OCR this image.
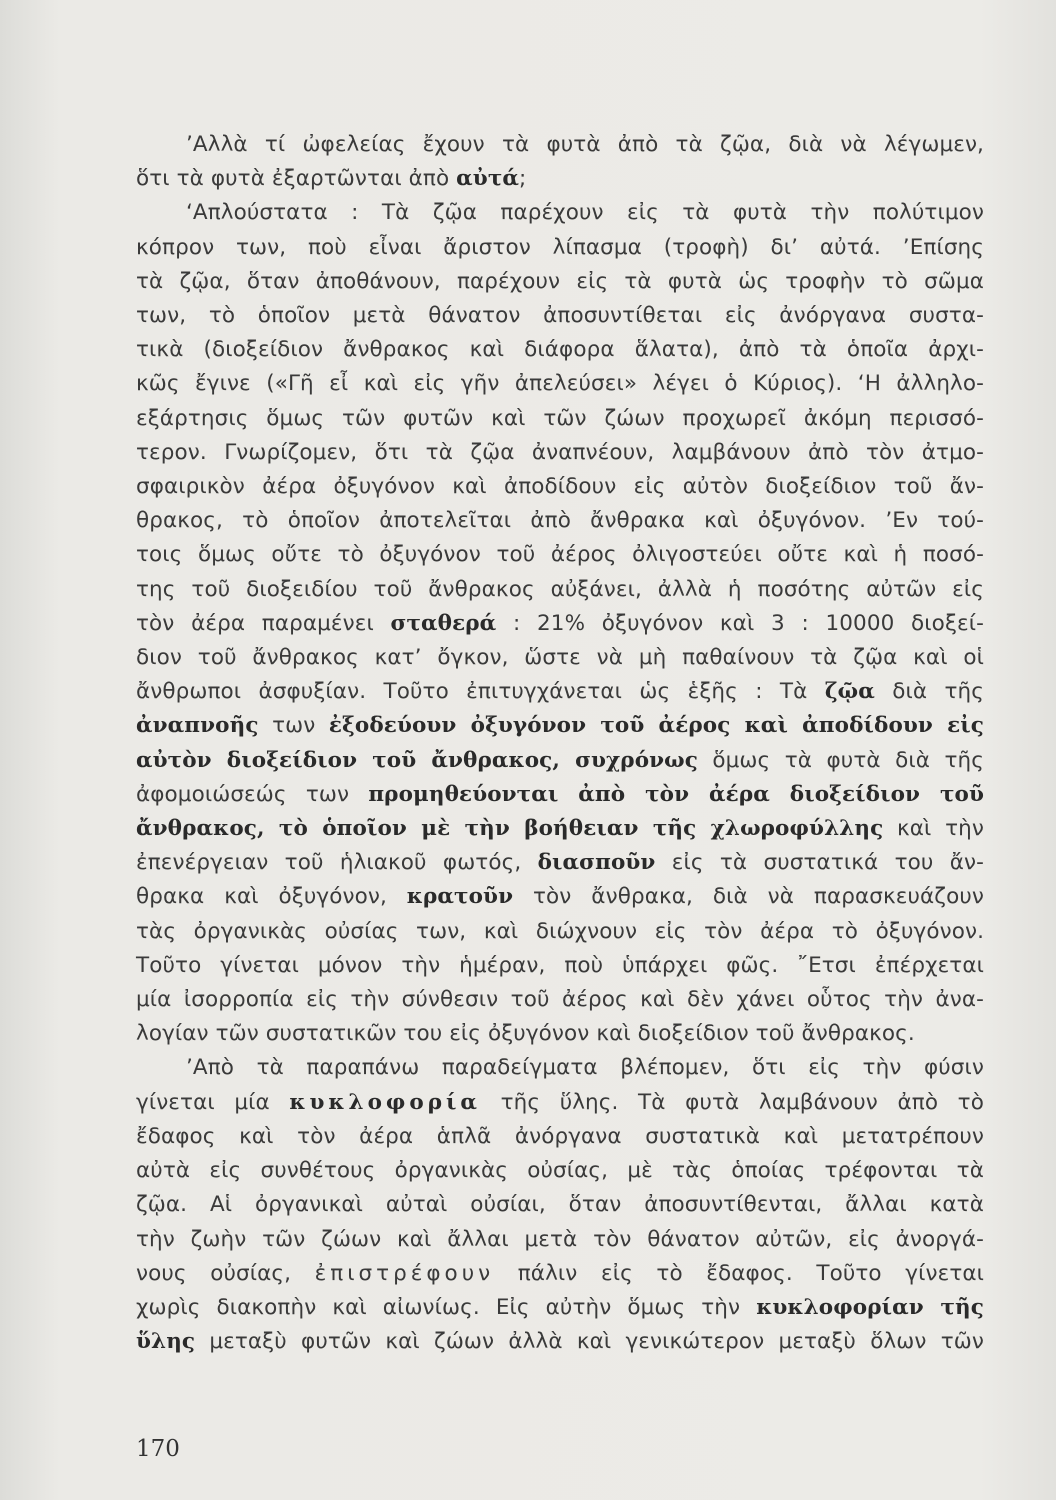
’Αλλὰ τί ὠφελείας ἔχουν τὰ φυτὰ ἀπὸ τὰ ζῷα, διὰ νὰ λέγωμεν,
ὅτι τὰ φυτὰ ἐξαρτῶνται ἀπὸ αὐτά;
‘Απλούστατα : Τὰ ζῷα παρέχουν εἰς τὰ φυτὰ τὴν πολύτιμον
κόπρον των, ποὺ εἶναι ἄριστον λίπασμα (τροφὴ) δι’ αὐτά. ’Επίσης
τὰ ζῷα, ὅταν ἀποθάνουν, παρέχουν εἰς τὰ φυτὰ ὡς τροφὴν τὸ σῶμα
των, τὸ ὁποῖον μετὰ θάνατον ἀποσυντίθεται εἰς ἀνόργανα συστα-
τικὰ (διοξείδιον ἄνθρακος καὶ διάφορα ἅλατα), ἀπὸ τὰ ὁποῖα ἀρχι-
κῶς ἔγινε («Γῆ εἶ καὶ εἰς γῆν ἀπελεύσει» λέγει ὁ Κύριος). ‘Η ἀλληλο-
εξάρτησις ὅμως τῶν φυτῶν καὶ τῶν ζώων προχωρεῖ ἀκόμη περισσό-
τερον. Γνωρίζομεν, ὅτι τὰ ζῷα ἀναπνέουν, λαμβάνουν ἀπὸ τὸν ἀτμο-
σφαιρικὸν ἀέρα ὀξυγόνον καὶ ἀποδίδουν εἰς αὐτὸν διοξείδιον τοῦ ἄν-
θρακος, τὸ ὁποῖον ἀποτελεῖται ἀπὸ ἄνθρακα καὶ ὀξυγόνον. ’Εν τού-
τοις ὅμως οὔτε τὸ ὀξυγόνον τοῦ ἀέρος ὀλιγοστεύει οὔτε καὶ ἡ ποσό-
της τοῦ διοξειδίου τοῦ ἄνθρακος αὐξάνει, ἀλλὰ ἡ ποσότης αὐτῶν εἰς
τὸν ἀέρα παραμένει σταθερά : 21% ὀξυγόνον καὶ 3 : 10000 διοξεί-
διον τοῦ ἄνθρακος κατ’ ὄγκον, ὥστε νὰ μὴ παθαίνουν τὰ ζῷα καὶ οἱ
ἄνθρωποι ἀσφυξίαν. Τοῦτο ἐπιτυγχάνεται ὡς ἑξῆς : Τὰ ζῷα διὰ τῆς
ἀναπνοῆς των ἐξοδεύουν ὀξυγόνον τοῦ ἀέρος καὶ ἀποδίδουν εἰς
αὐτὸν διοξείδιον τοῦ ἄνθρακος, συχρόνως ὅμως τὰ φυτὰ διὰ τῆς
ἀφομοιώσεώς των προμηθεύονται ἀπὸ τὸν ἀέρα διοξείδιον τοῦ
ἄνθρακος, τὸ ὁποῖον μὲ τὴν βοήθειαν τῆς χλωροφύλλης καὶ τὴν
ἐπενέργειαν τοῦ ἡλιακοῦ φωτός, διασποῦν εἰς τὰ συστατικά του ἄν-
θρακα καὶ ὀξυγόνον, κρατοῦν τὸν ἄνθρακα, διὰ νὰ παρασκευάζουν
τὰς ὀργανικὰς οὐσίας των, καὶ διώχνουν εἰς τὸν ἀέρα τὸ ὀξυγόνον.
Τοῦτο γίνεται μόνον τὴν ἡμέραν, ποὺ ὑπάρχει φῶς. ῎Ετσι ἐπέρχεται
μία ἰσορροπία εἰς τὴν σύνθεσιν τοῦ ἀέρος καὶ δὲν χάνει οὗτος τὴν ἀνα-
λογίαν τῶν συστατικῶν του εἰς ὀξυγόνον καὶ διοξείδιον τοῦ ἄνθρακος.
’Απὸ τὰ παραπάνω παραδείγματα βλέπομεν, ὅτι εἰς τὴν φύσιν
γίνεται μία κυκλοφορία τῆς ὕλης. Τὰ φυτὰ λαμβάνουν ἀπὸ τὸ
ἔδαφος καὶ τὸν ἀέρα ἁπλᾶ ἀνόργανα συστατικὰ καὶ μετατρέπουν
αὐτὰ εἰς συνθέτους ὀργανικὰς οὐσίας, μὲ τὰς ὁποίας τρέφονται τὰ
ζῷα. Αἱ ὀργανικαὶ αὐταὶ οὐσίαι, ὅταν ἀποσυντίθενται, ἄλλαι κατὰ
τὴν ζωὴν τῶν ζώων καὶ ἄλλαι μετὰ τὸν θάνατον αὐτῶν, εἰς ἀνοργά-
νους οὐσίας, ἐπιστρέφουν πάλιν εἰς τὸ ἔδαφος. Τοῦτο γίνεται
χωρὶς διακοπὴν καὶ αἰωνίως. Εἰς αὐτὴν ὅμως τὴν κυκλοφορίαν τῆς
ὕλης μεταξὺ φυτῶν καὶ ζώων ἀλλὰ καὶ γενικώτερον μεταξὺ ὅλων τῶν
170
